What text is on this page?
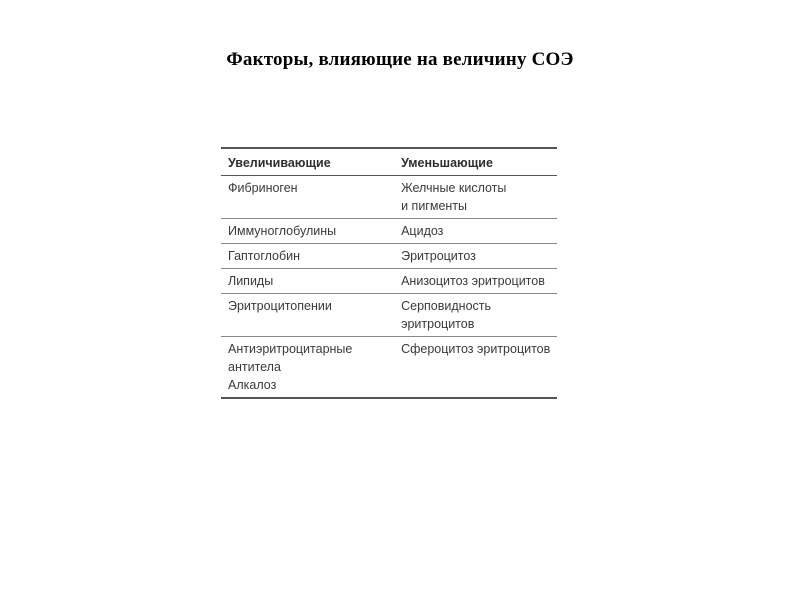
Факторы, влияющие на величину СОЭ
Увеличивающие	Уменьшающие

Фибриноген	Желчные кислоты
и пигменты

Иммуноглобулины	Ацидоз

Гаптоглобин	Эритроцитоз

Липиды	Анизоцитоз эритроцитов

Эритроцитопении	Серповидность
эритроцитов

Антиэритроцитарные
антитела
Алкалоз	Сфероцитоз эритроцитов
